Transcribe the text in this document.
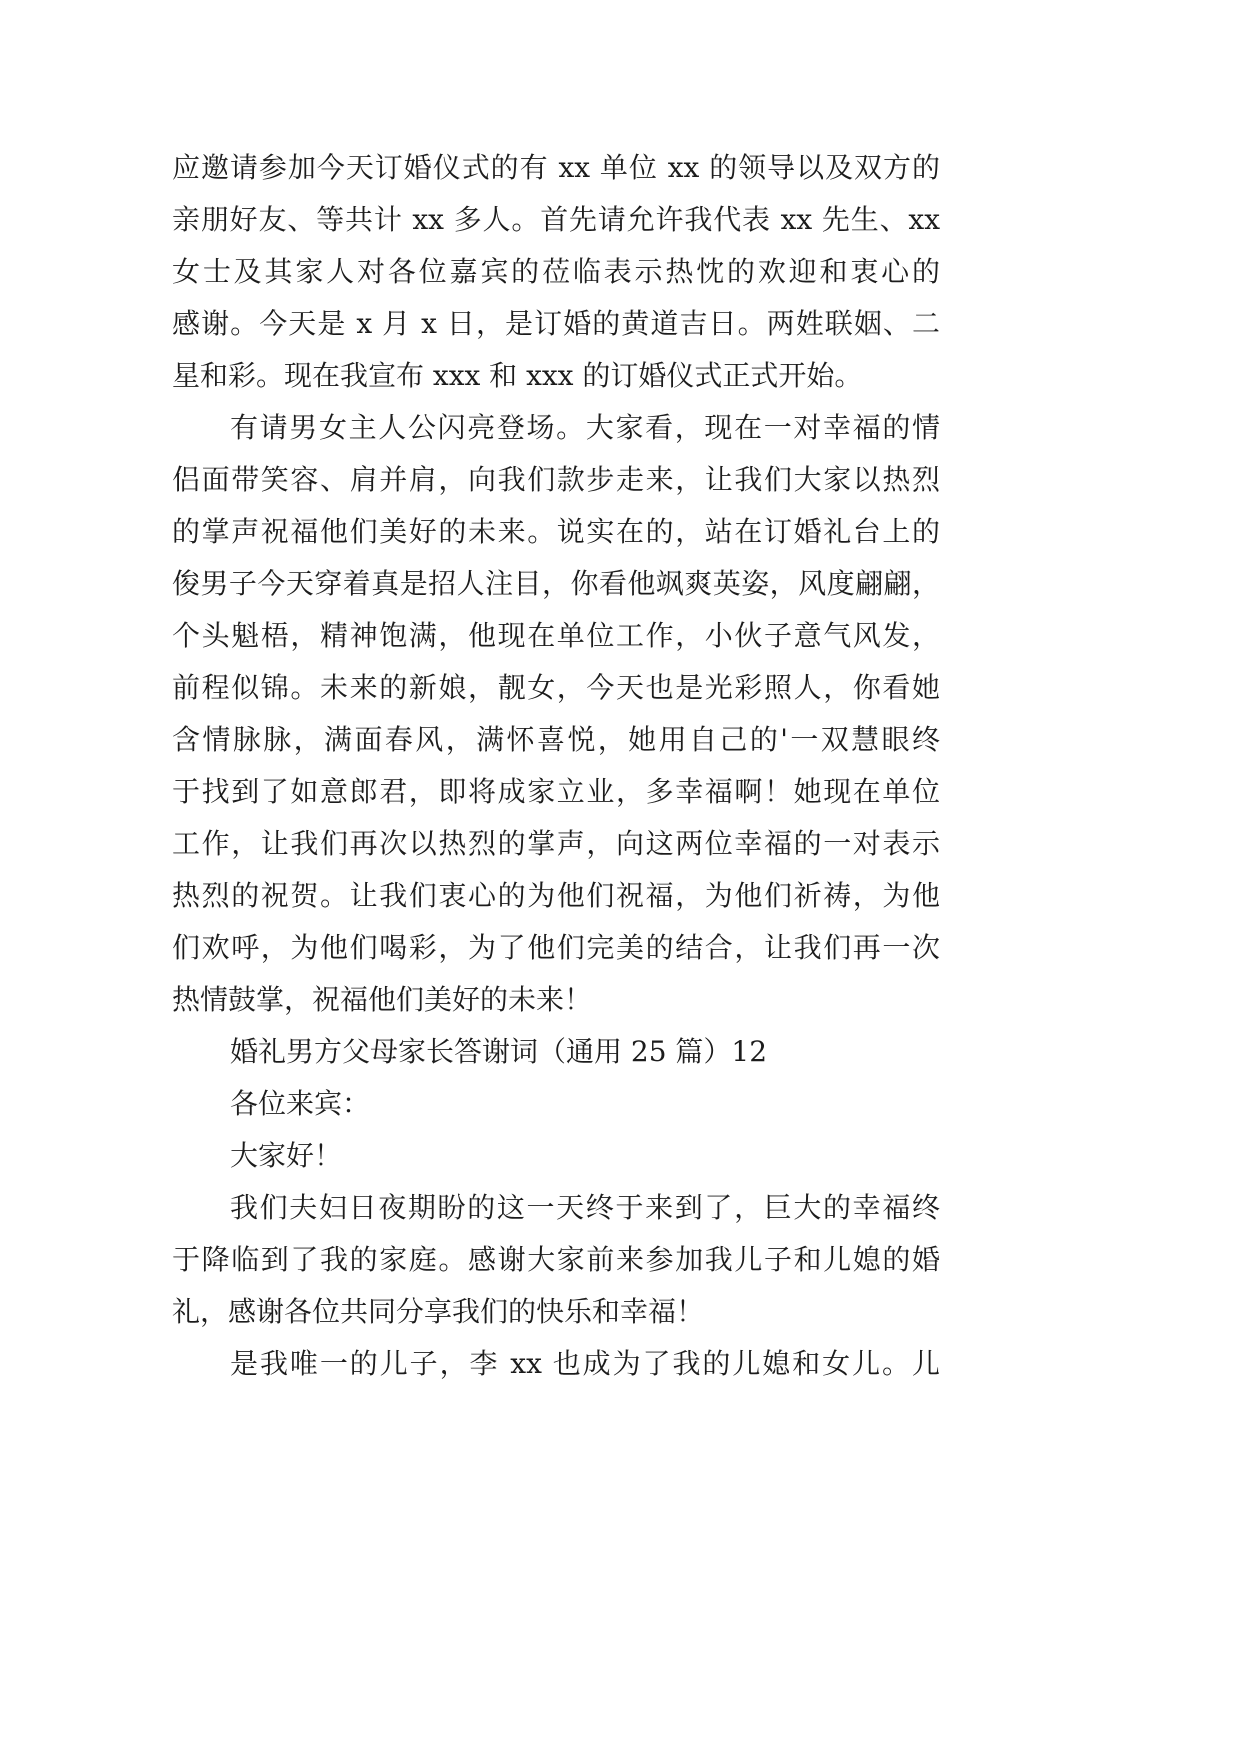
应邀请参加今天订婚仪式的有 xx 单位 xx 的领导以及双方的
亲朋好友、等共计 xx 多人。首先请允许我代表 xx 先生、xx
女士及其家人对各位嘉宾的莅临表示热忱的欢迎和衷心的
感谢。今天是 x 月 x 日，是订婚的黄道吉日。两姓联姻、二
星和彩。现在我宣布 xxx 和 xxx 的订婚仪式正式开始。
有请男女主人公闪亮登场。大家看，现在一对幸福的情
侣面带笑容、肩并肩，向我们款步走来，让我们大家以热烈
的掌声祝福他们美好的未来。说实在的，站在订婚礼台上的
俊男子今天穿着真是招人注目，你看他飒爽英姿，风度翩翩，
个头魁梧，精神饱满，他现在单位工作，小伙子意气风发，
前程似锦。未来的新娘，靓女，今天也是光彩照人，你看她
含情脉脉，满面春风，满怀喜悦，她用自己的'一双慧眼终
于找到了如意郎君，即将成家立业，多幸福啊！她现在单位
工作，让我们再次以热烈的掌声，向这两位幸福的一对表示
热烈的祝贺。让我们衷心的为他们祝福，为他们祈祷，为他
们欢呼，为他们喝彩，为了他们完美的结合，让我们再一次
热情鼓掌，祝福他们美好的未来！
婚礼男方父母家长答谢词（通用 25 篇）12
各位来宾：
大家好！
我们夫妇日夜期盼的这一天终于来到了，巨大的幸福终
于降临到了我的家庭。感谢大家前来参加我儿子和儿媳的婚
礼，感谢各位共同分享我们的快乐和幸福！
是我唯一的儿子，李 xx 也成为了我的儿媳和女儿。儿
